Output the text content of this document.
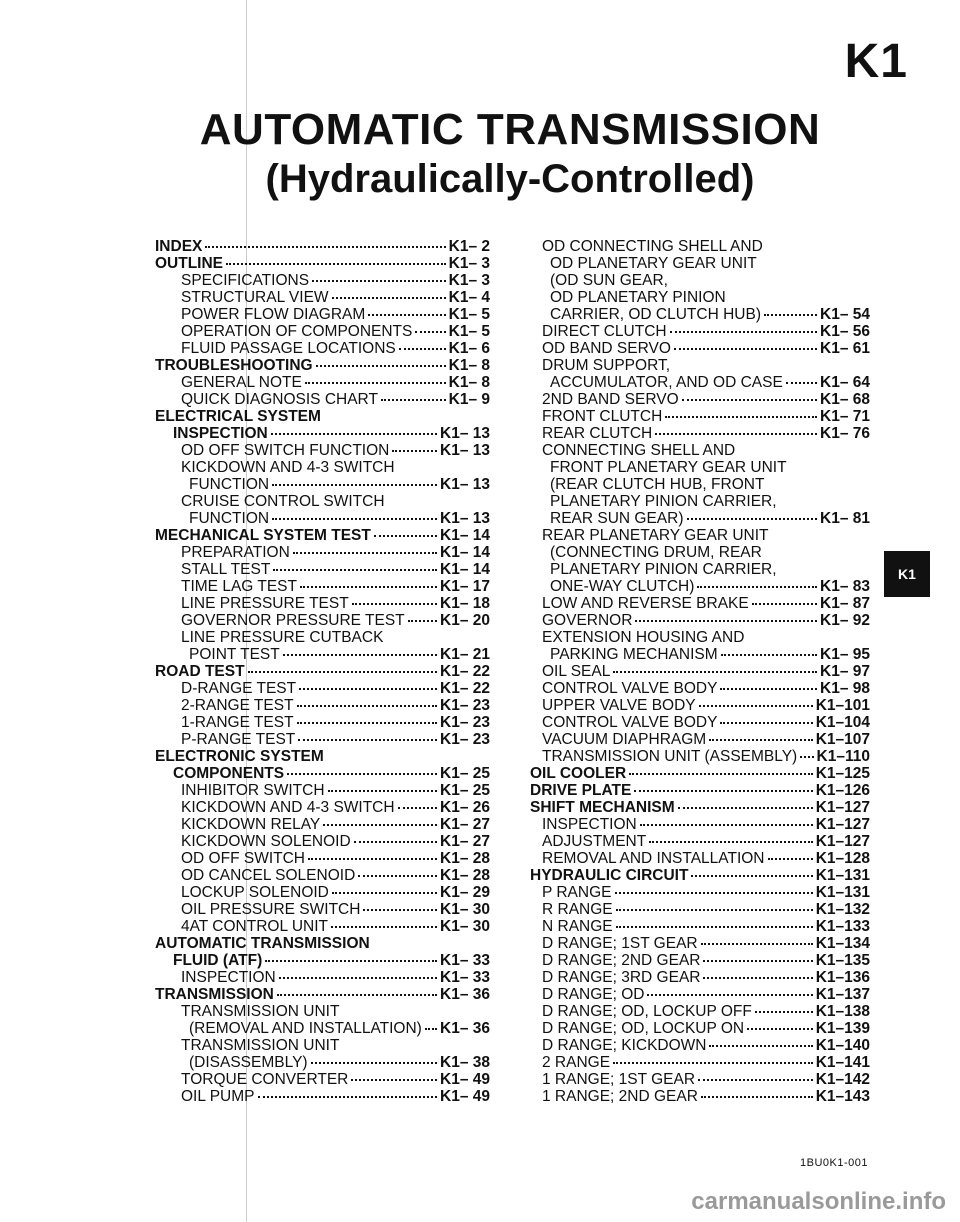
K1
AUTOMATIC TRANSMISSION
(Hydraulically-Controlled)
INDEX	K1– 2
OUTLINE	K1– 3
SPECIFICATIONS	K1– 3
STRUCTURAL VIEW	K1– 4
POWER FLOW DIAGRAM	K1– 5
OPERATION OF COMPONENTS K1– 5
FLUID PASSAGE LOCATIONS	K1– 6
TROUBLESHOOTING	K1– 8
GENERAL NOTE	K1– 8
QUICK DIAGNOSIS CHART	K1– 9
ELECTRICAL SYSTEM
INSPECTION	K1– 13
OD OFF SWITCH FUNCTION	K1– 13
KICKDOWN AND 4-3 SWITCH
FUNCTION	K1– 13
CRUISE CONTROL SWITCH
FUNCTION	K1– 13
MECHANICAL SYSTEM TEST	K1– 14
PREPARATION	K1– 14
STALL TEST	K1– 14
TIME LAG TEST	K1– 17
LINE PRESSURE TEST	K1– 18
GOVERNOR PRESSURE TEST K1– 20
LINE PRESSURE CUTBACK
POINT TEST	K1– 21
ROAD TEST	K1– 22
D-RANGE TEST	K1– 22
2-RANGE TEST	K1– 23
1-RANGE TEST	K1– 23
P-RANGE TEST	K1– 23
ELECTRONIC SYSTEM
COMPONENTS	K1– 25
INHIBITOR SWITCH	K1– 25
KICKDOWN AND 4-3 SWITCH	K1– 26
KICKDOWN RELAY	K1– 27
KICKDOWN SOLENOID	K1– 27
OD OFF SWITCH	K1– 28
OD CANCEL SOLENOID	K1– 28
LOCKUP SOLENOID	K1– 29
OIL PRESSURE SWITCH	K1– 30
4AT CONTROL UNIT	K1– 30
AUTOMATIC TRANSMISSION
FLUID (ATF)	K1– 33
INSPECTION	K1– 33
TRANSMISSION	K1– 36
TRANSMISSION UNIT
(REMOVAL AND INSTALLATION) K1– 36
TRANSMISSION UNIT
(DISASSEMBLY)	K1– 38
TORQUE CONVERTER	K1– 49
OIL PUMP	K1– 49
OD CONNECTING SHELL AND
OD PLANETARY GEAR UNIT
(OD SUN GEAR,
OD PLANETARY PINION
CARRIER, OD CLUTCH HUB)	K1– 54
DIRECT CLUTCH	K1– 56
OD BAND SERVO	K1– 61
DRUM SUPPORT,
ACCUMULATOR, AND OD CASE K1– 64
2ND BAND SERVO	K1– 68
FRONT CLUTCH	K1– 71
REAR CLUTCH	K1– 76
CONNECTING SHELL AND
FRONT PLANETARY GEAR UNIT
(REAR CLUTCH HUB, FRONT
PLANETARY PINION CARRIER,
REAR SUN GEAR)	K1– 81
REAR PLANETARY GEAR UNIT
(CONNECTING DRUM, REAR
PLANETARY PINION CARRIER,
ONE-WAY CLUTCH)	K1– 83
LOW AND REVERSE BRAKE	K1– 87
GOVERNOR	K1– 92
EXTENSION HOUSING AND
PARKING MECHANISM	K1– 95
OIL SEAL	K1– 97
CONTROL VALVE BODY	K1– 98
UPPER VALVE BODY	K1–101
CONTROL VALVE BODY	K1–104
VACUUM DIAPHRAGM	K1–107
TRANSMISSION UNIT (ASSEMBLY) K1–110
OIL COOLER	K1–125
DRIVE PLATE	K1–126
SHIFT MECHANISM	K1–127
INSPECTION	K1–127
ADJUSTMENT	K1–127
REMOVAL AND INSTALLATION	K1–128
HYDRAULIC CIRCUIT	K1–131
P RANGE	K1–131
R RANGE	K1–132
N RANGE	K1–133
D RANGE; 1ST GEAR	K1–134
D RANGE; 2ND GEAR	K1–135
D RANGE; 3RD GEAR	K1–136
D RANGE; OD	K1–137
D RANGE; OD, LOCKUP OFF	K1–138
D RANGE; OD, LOCKUP ON	K1–139
D RANGE; KICKDOWN	K1–140
2 RANGE	K1–141
1 RANGE; 1ST GEAR	K1–142
1 RANGE; 2ND GEAR	K1–143
K1
1BU0K1-001
carmanualsonline.info
